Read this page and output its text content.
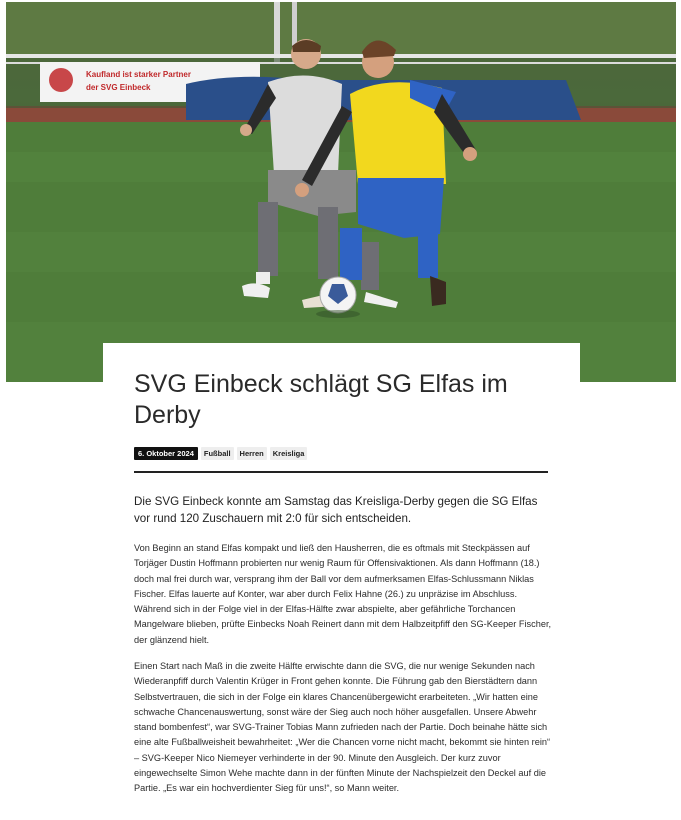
Kaufland ist starker Partner
der SVG Einbeck
SVG Einbeck schlägt SG Elfas im Derby
6. Oktober 2024	Fußball	Herren	Kreisliga

Die SVG Einbeck konnte am Samstag das Kreisliga-Derby gegen die SG Elfas vor rund 120 Zuschauern mit 2:0 für sich entscheiden.

Von Beginn an stand Elfas kompakt und ließ den Hausherren, die es oftmals mit Steckpässen auf Torjäger Dustin Hoffmann probierten nur wenig Raum für Offensivaktionen. Als dann Hoffmann (18.) doch mal frei durch war, versprang ihm der Ball vor dem aufmerksamen Elfas-Schlussmann Niklas Fischer. Elfas lauerte auf Konter, war aber durch Felix Hahne (26.) zu unpräzise im Abschluss. Während sich in der Folge viel in der Elfas-Hälfte zwar abspielte, aber gefährliche Torchancen Mangelware blieben, prüfte Einbecks Noah Reinert dann mit dem Halbzeitpfiff den SG-Keeper Fischer, der glänzend hielt.

Einen Start nach Maß in die zweite Hälfte erwischte dann die SVG, die nur wenige Sekunden nach Wiederanpfiff durch Valentin Krüger in Front gehen konnte. Die Führung gab den Bierstädtern dann Selbstvertrauen, die sich in der Folge ein klares Chancenübergewicht erarbeiteten. „Wir hatten eine schwache Chancenauswertung, sonst wäre der Sieg auch noch höher ausgefallen. Unsere Abwehr stand bombenfest“, war SVG-Trainer Tobias Mann zufrieden nach der Partie. Doch beinahe hätte sich eine alte Fußballweisheit bewahrheitet: „Wer die Chancen vorne nicht macht, bekommt sie hinten rein“ – SVG-Keeper Nico Niemeyer verhinderte in der 90. Minute den Ausgleich. Der kurz zuvor eingewechselte Simon Wehe machte dann in der fünften Minute der Nachspielzeit den Deckel auf die Partie. „Es war ein hochverdienter Sieg für uns!“, so Mann weiter.
